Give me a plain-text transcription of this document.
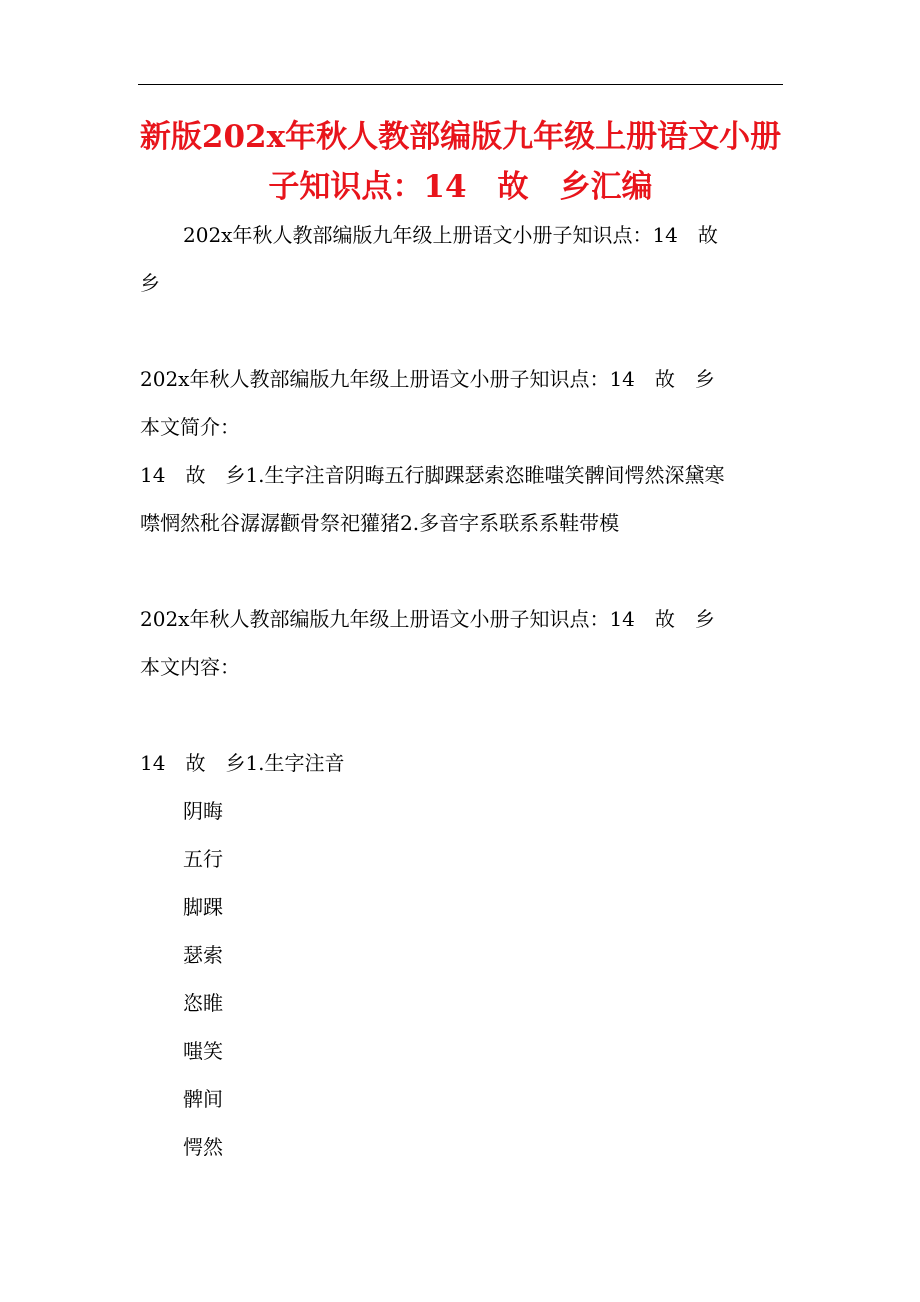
新版202x年秋人教部编版九年级上册语文小册
子知识点：14　故　乡汇编
202x年秋人教部编版九年级上册语文小册子知识点：14　故
乡
202x年秋人教部编版九年级上册语文小册子知识点：14　故　乡
本文简介：
14　故　乡1.生字注音阴晦五行脚踝瑟索恣睢嗤笑髀间愕然深黛寒
噤惘然秕谷潺潺颧骨祭祀獾猪2.多音字系联系系鞋带模
202x年秋人教部编版九年级上册语文小册子知识点：14　故　乡
本文内容：
14　故　乡1.生字注音
阴晦
五行
脚踝
瑟索
恣睢
嗤笑
髀间
愕然
